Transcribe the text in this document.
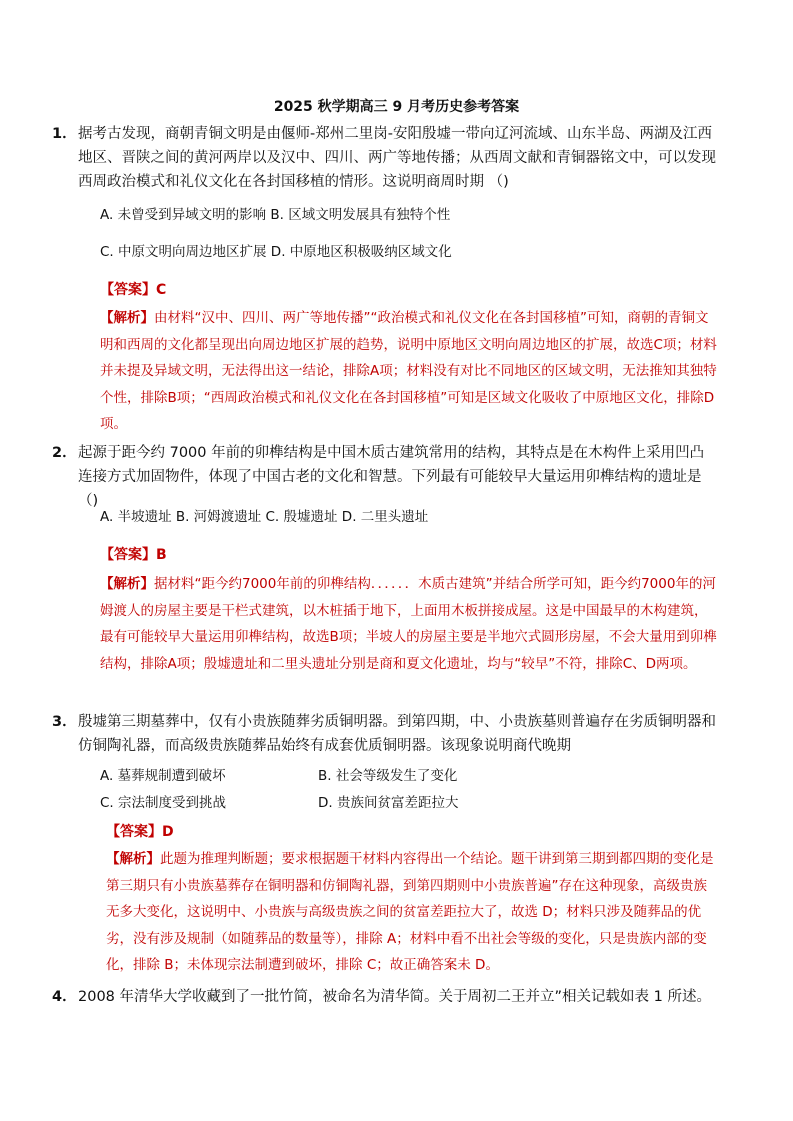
2025 秋学期高三 9 月考历史参考答案
1． 据考古发现，商朝青铜文明是由偃师-郑州二里岗-安阳殷墟一带向辽河流域、山东半岛、两湖及江西地区、晋陕之间的黄河两岸以及汉中、四川、两广等地传播；从西周文献和青铜器铭文中，可以发现西周政治模式和礼仪文化在各封国移植的情形。这说明商周时期 （)
A. 未曾受到异域文明的影响 B. 区域文明发展具有独特个性
C. 中原文明向周边地区扩展 D. 中原地区积极吸纳区域文化
【答案】C
【解析】由材料“汉中、四川、两广等地传播”“政治模式和礼仪文化在各封国移植”可知，商朝的青铜文明和西周的文化都呈现出向周边地区扩展的趋势，说明中原地区文明向周边地区的扩展，故选C项；材料并未提及异域文明，无法得出这一结论，排除A项；材料没有对比不同地区的区域文明，无法推知其独特个性，排除B项；“西周政治模式和礼仪文化在各封国移植”可知是区域文化吸收了中原地区文化，排除D项。
2． 起源于距今约 7000 年前的卯榫结构是中国木质古建筑常用的结构，其特点是在木构件上采用凹凸连接方式加固物件，体现了中国古老的文化和智慧。下列最有可能较早大量运用卯榫结构的遗址是 （)
A. 半坡遗址 B. 河姆渡遗址 C. 殷墟遗址 D. 二里头遗址
【答案】B
【解析】据材料“距今约7000年前的卯榫结构．．．．．．木质古建筑”并结合所学可知，距今约7000年的河姆渡人的房屋主要是干栏式建筑，以木桩插于地下，上面用木板拼接成屋。这是中国最早的木构建筑，最有可能较早大量运用卯榫结构，故选B项；半坡人的房屋主要是半地穴式圆形房屋，不会大量用到卯榫结构，排除A项；殷墟遗址和二里头遗址分别是商和夏文化遗址，均与“较早”不符，排除C、D两项。
3． 殷墟第三期墓葬中，仅有小贵族随葬劣质铜明器。到第四期，中、小贵族墓则普遍存在劣质铜明器和仿铜陶礼器，而高级贵族随葬品始终有成套优质铜明器。该现象说明商代晚期
A. 墓葬规制遭到破坏	B. 社会等级发生了变化
C. 宗法制度受到挑战	D. 贵族间贫富差距拉大
【答案】D
【解析】此题为推理判断题；要求根据题干材料内容得出一个结论。题干讲到第三期到都四期的变化是第三期只有小贵族墓葬存在铜明器和仿铜陶礼器，到第四期则中小贵族普遍”存在这种现象，高级贵族无多大变化，这说明中、小贵族与高级贵族之间的贫富差距拉大了，故选 D；材料只涉及随葬品的优劣，没有涉及规制（如随葬品的数量等），排除 A；材料中看不出社会等级的变化，只是贵族内部的变化，排除 B；未体现宗法制遭到破坏，排除 C；故正确答案未 D。
4． 2008 年清华大学收藏到了一批竹简，被命名为清华简。关于周初二王并立”相关记载如表 1 所述。
